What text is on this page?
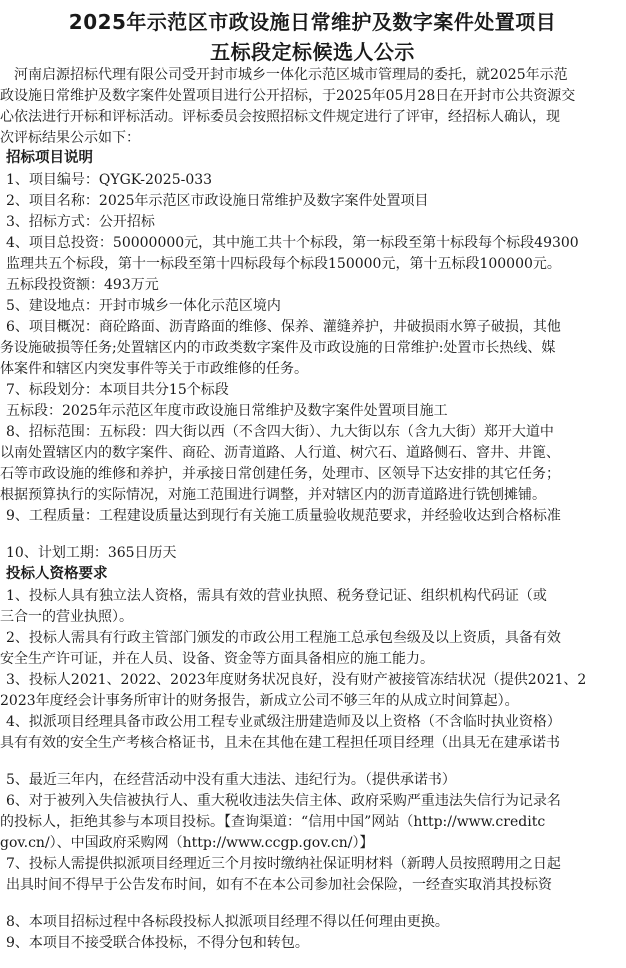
2025年示范区市政设施日常维护及数字案件处置项目
五标段定标候选人公示
河南启源招标代理有限公司受开封市城乡一体化示范区城市管理局的委托，就2025年示范
政设施日常维护及数字案件处置项目进行公开招标，于2025年05月28日在开封市公共资源交
心依法进行开标和评标活动。评标委员会按照招标文件规定进行了评审，经招标人确认，现
次评标结果公示如下：
招标项目说明
1、项目编号：QYGK-2025-033
2、项目名称：2025年示范区市政设施日常维护及数字案件处置项目
3、招标方式：公开招标
4、项目总投资：50000000元，其中施工共十个标段，第一标段至第十标段每个标段49300
监理共五个标段，第十一标段至第十四标段每个标段150000元，第十五标段100000元。
五标段投资额：493万元
5、建设地点：开封市城乡一体化示范区境内
6、项目概况：商砼路面、沥青路面的维修、保养、灌缝养护，井破损雨水箅子破损，其他
务设施破损等任务;处置辖区内的市政类数字案件及市政设施的日常维护:处置市长热线、媒
体案件和辖区内突发事件等关于市政维修的任务。
7、标段划分：本项目共分15个标段
五标段：2025年示范区年度市政设施日常维护及数字案件处置项目施工
8、招标范围：五标段：四大街以西（不含四大街）、九大街以东（含九大街）郑开大道中
以南处置辖区内的数字案件、商砼、沥青道路、人行道、树穴石、道路侧石、窨井、井篦、
石等市政设施的维修和养护，并承接日常创建任务，处理市、区领导下达安排的其它任务；
根据预算执行的实际情况，对施工范围进行调整，并对辖区内的沥青道路进行铣刨摊铺。
9、工程质量：工程建设质量达到现行有关施工质量验收规范要求，并经验收达到合格标准
10、计划工期：365日历天
投标人资格要求
1、投标人具有独立法人资格，需具有效的营业执照、税务登记证、组织机构代码证（或
三合一的营业执照）。
2、投标人需具有行政主管部门颁发的市政公用工程施工总承包叁级及以上资质，具备有效
安全生产许可证，并在人员、设备、资金等方面具备相应的施工能力。
3、投标人2021、2022、2023年度财务状况良好，没有财产被接管冻结状况（提供2021、2
2023年度经会计事务所审计的财务报告，新成立公司不够三年的从成立时间算起）。
4、拟派项目经理具备市政公用工程专业贰级注册建造师及以上资格（不含临时执业资格）
具有有效的安全生产考核合格证书，且未在其他在建工程担任项目经理（出具无在建承诺书
5、最近三年内，在经营活动中没有重大违法、违纪行为。（提供承诺书）
6、对于被列入失信被执行人、重大税收违法失信主体、政府采购严重违法失信行为记录名
的投标人，拒绝其参与本项目投标。【查询渠道：“信用中国”网站（http://www.creditc
gov.cn/）、中国政府采购网（http://www.ccgp.gov.cn/）】
7、投标人需提供拟派项目经理近三个月按时缴纳社保证明材料（新聘人员按照聘用之日起
出具时间不得早于公告发布时间，如有不在本公司参加社会保险，一经查实取消其投标资
8、本项目招标过程中各标段投标人拟派项目经理不得以任何理由更换。
9、本项目不接受联合体投标，不得分包和转包。
